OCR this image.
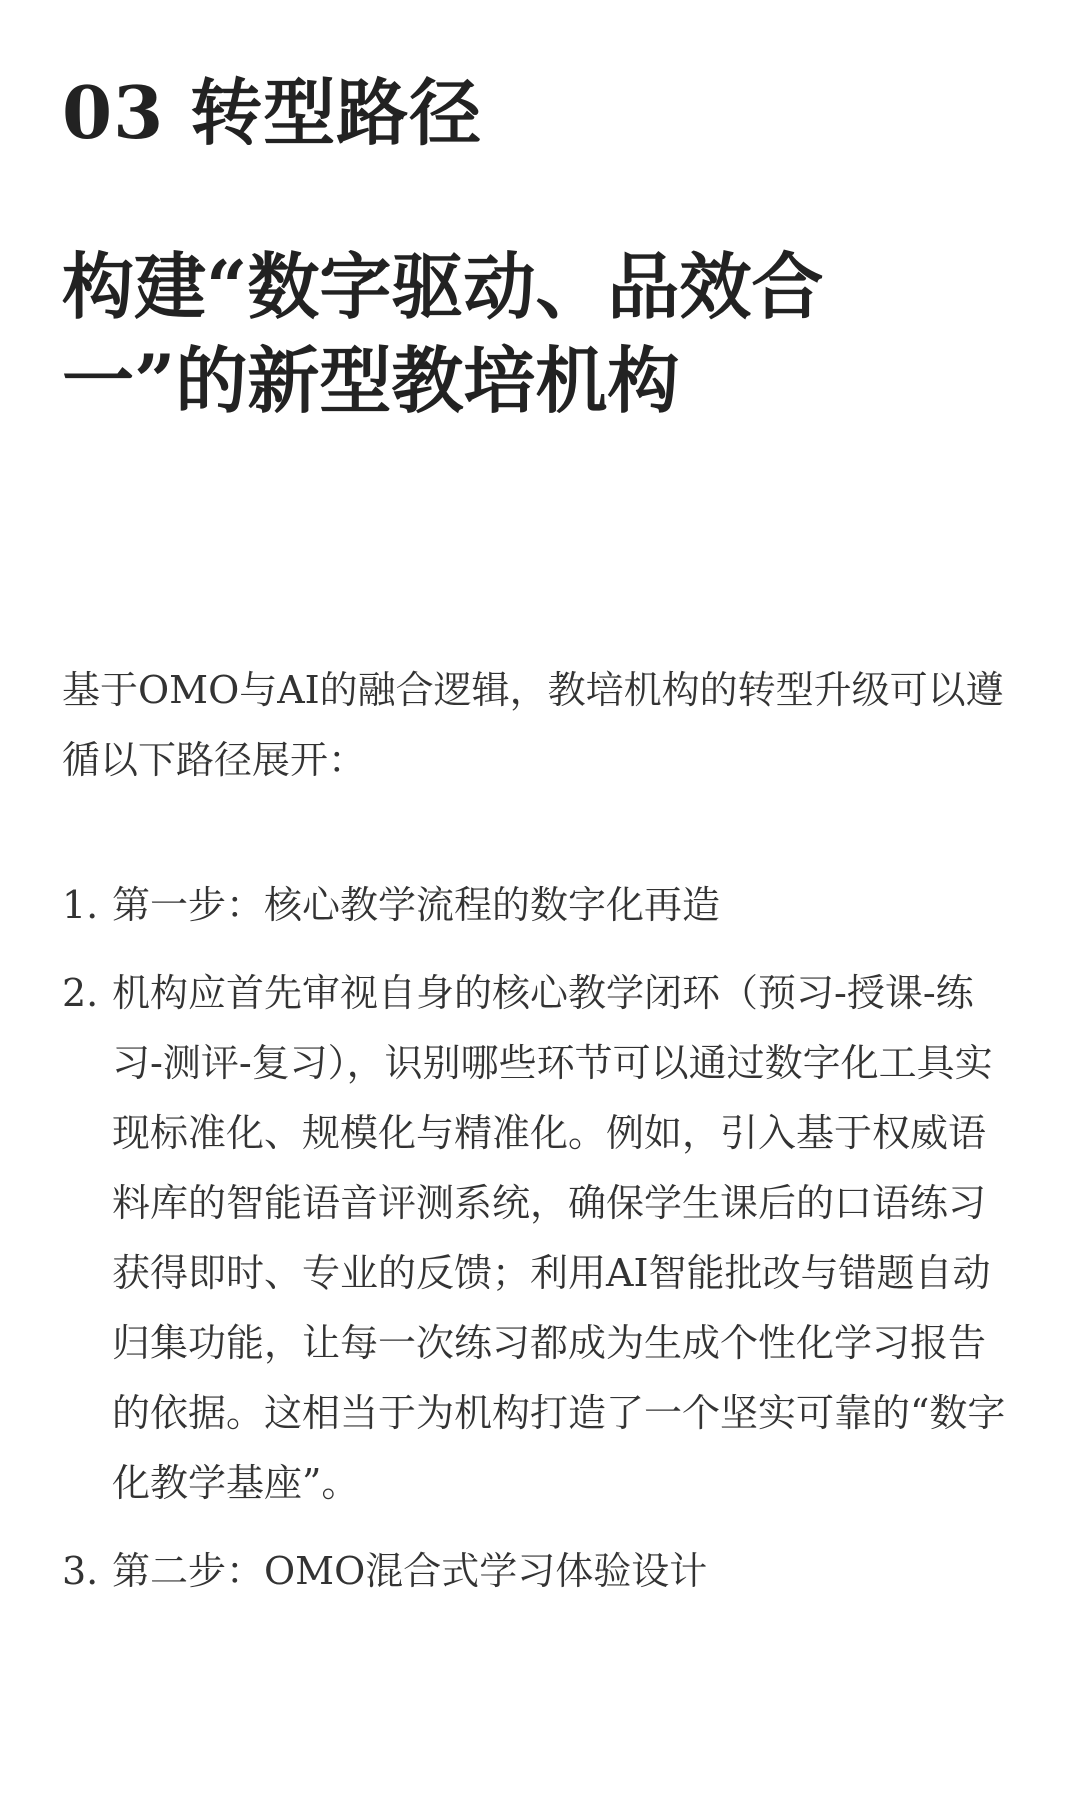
03 转型路径
构建“数字驱动、品效合
一”的新型教培机构

基于OMO与AI的融合逻辑，教培机构的转型升级可以遵循以下路径展开：

1. 第一步：核心教学流程的数字化再造
2. 机构应首先审视自身的核心教学闭环（预习-授课-练习-测评-复习），识别哪些环节可以通过数字化工具实现标准化、规模化与精准化。例如，引入基于权威语料库的智能语音评测系统，确保学生课后的口语练习获得即时、专业的反馈；利用AI智能批改与错题自动归集功能，让每一次练习都成为生成个性化学习报告的依据。这相当于为机构打造了一个坚实可靠的“数字化教学基座”。
3. 第二步：OMO混合式学习体验设计
